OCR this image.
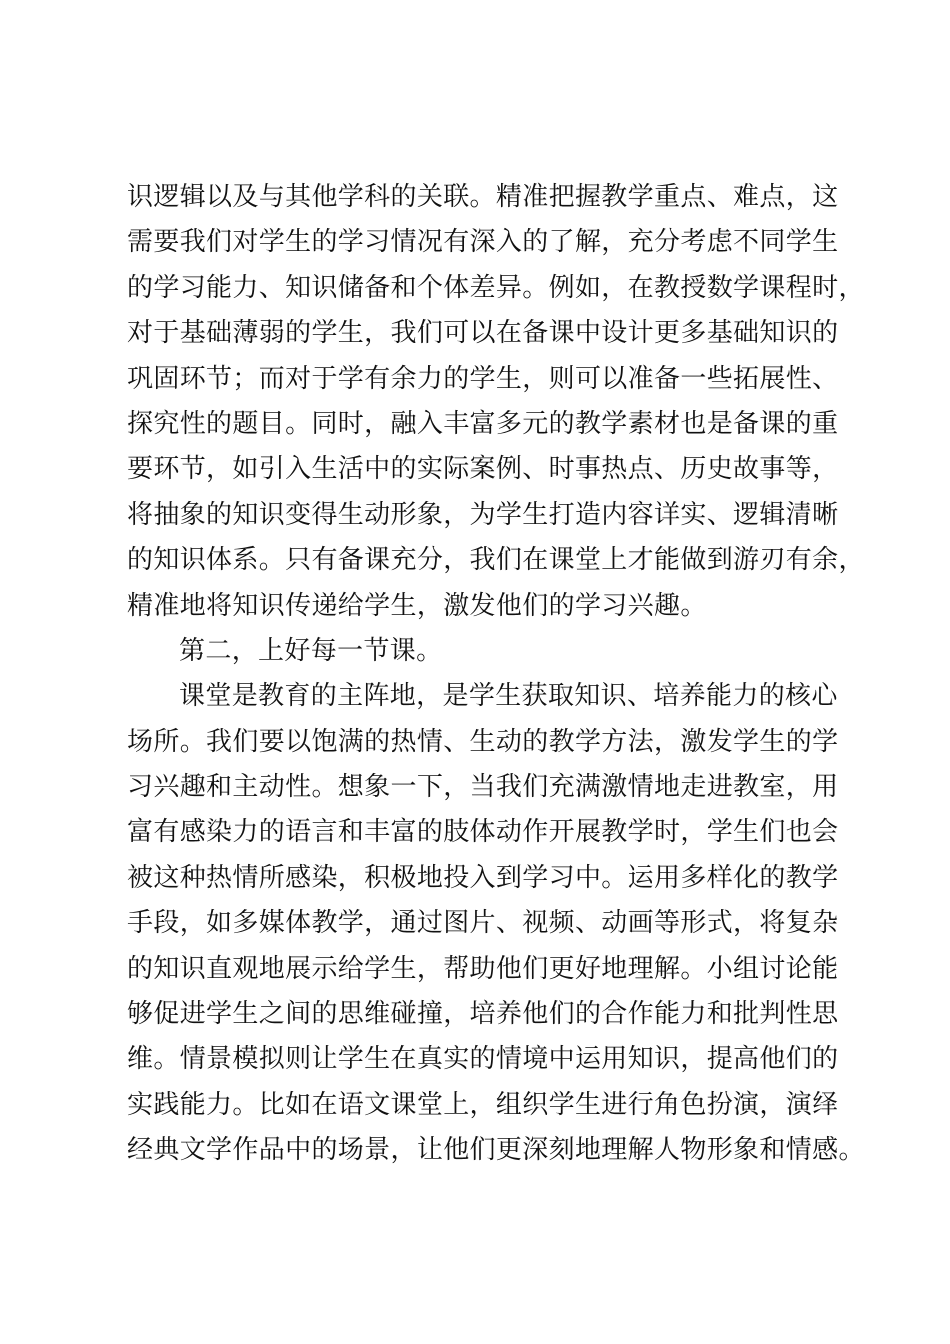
识逻辑以及与其他学科的关联。精准把握教学重点、难点，这
需要我们对学生的学习情况有深入的了解，充分考虑不同学生
的学习能力、知识储备和个体差异。例如，在教授数学课程时，
对于基础薄弱的学生，我们可以在备课中设计更多基础知识的
巩固环节；而对于学有余力的学生，则可以准备一些拓展性、
探究性的题目。同时，融入丰富多元的教学素材也是备课的重
要环节，如引入生活中的实际案例、时事热点、历史故事等，
将抽象的知识变得生动形象，为学生打造内容详实、逻辑清晰
的知识体系。只有备课充分，我们在课堂上才能做到游刃有余，
精准地将知识传递给学生，激发他们的学习兴趣。
第二，上好每一节课。
课堂是教育的主阵地，是学生获取知识、培养能力的核心
场所。我们要以饱满的热情、生动的教学方法，激发学生的学
习兴趣和主动性。想象一下，当我们充满激情地走进教室，用
富有感染力的语言和丰富的肢体动作开展教学时，学生们也会
被这种热情所感染，积极地投入到学习中。运用多样化的教学
手段，如多媒体教学，通过图片、视频、动画等形式，将复杂
的知识直观地展示给学生，帮助他们更好地理解。小组讨论能
够促进学生之间的思维碰撞，培养他们的合作能力和批判性思
维。情景模拟则让学生在真实的情境中运用知识，提高他们的
实践能力。比如在语文课堂上，组织学生进行角色扮演，演绎
经典文学作品中的场景，让他们更深刻地理解人物形象和情感。
